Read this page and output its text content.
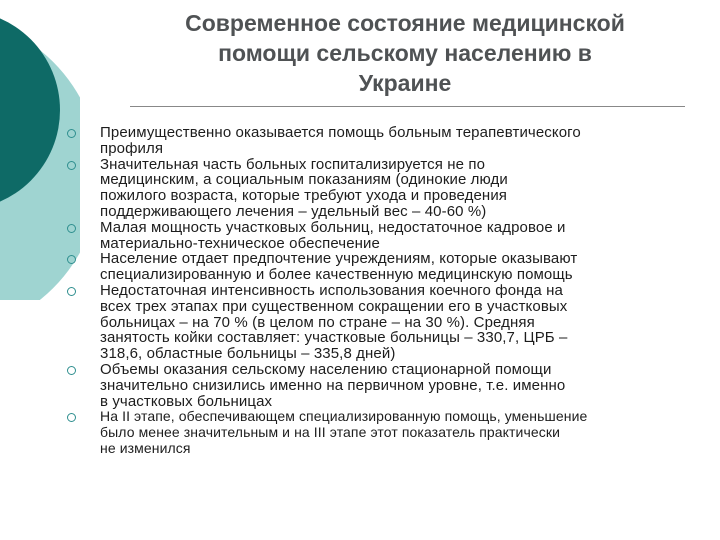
Современное состояние медицинской
помощи сельскому населению в
Украине
Преимущественно оказывается помощь больным терапевтического
профиля
Значительная часть больных госпитализируется не по
медицинским, а социальным показаниям (одинокие люди
пожилого возраста, которые требуют ухода и проведения
поддерживающего лечения – удельный вес – 40-60 %)
Малая мощность участковых больниц, недостаточное кадровое и
материально-техническое обеспечение
Население отдает предпочтение учреждениям, которые оказывают
специализированную и более качественную медицинскую помощь
Недостаточная интенсивность использования коечного фонда на
всех трех этапах при существенном сокращении его в участковых
больницах – на 70 % (в целом по стране – на 30 %). Средняя
занятость койки составляет: участковые больницы – 330,7, ЦРБ –
318,6, областные больницы – 335,8 дней)
Объемы оказания сельскому населению стационарной помощи
значительно снизились именно на первичном уровне, т.е. именно
в участковых больницах
На II этапе, обеспечивающем специализированную помощь, уменьшение
было менее значительным и на III этапе этот показатель практически
не изменился
